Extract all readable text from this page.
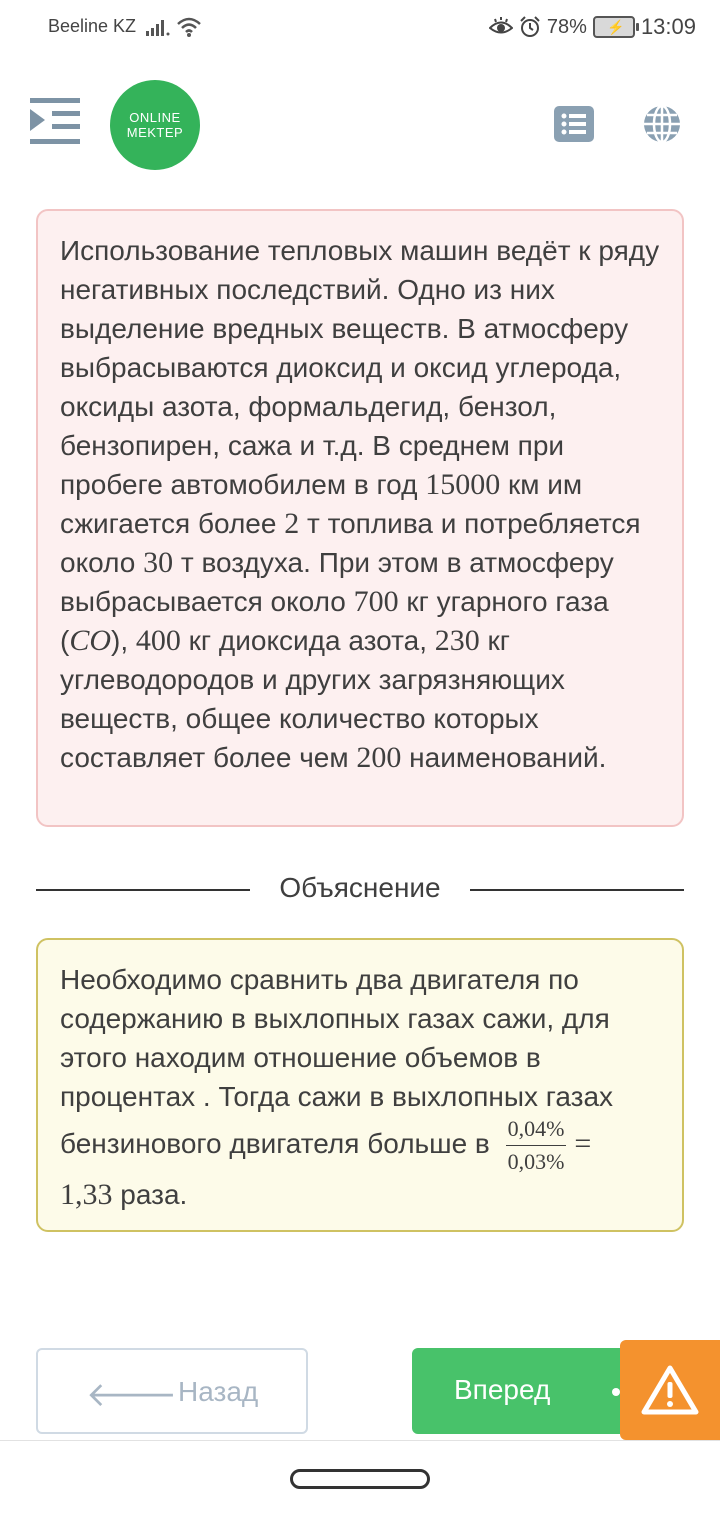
Beeline KZ	78% ⚡ 13:09
ONLINE
MEKTEP
Использование тепловых машин ведёт к ряду негативных последствий. Одно из них выделение вредных веществ. В атмосферу выбрасываются диоксид и оксид углерода, оксиды азота, формальдегид, бензол, бензопирен, сажа и т.д. В среднем при пробеге автомобилем в год 15000 км им сжигается более 2 т топлива и потребляется около 30 т воздуха. При этом в атмосферу выбрасывается около 700 кг угарного газа (CO), 400 кг диоксида азота, 230 кг углеводородов и других загрязняющих веществ, общее количество которых составляет более чем 200 наименований.
Объяснение
Необходимо сравнить два двигателя по содержанию в выхлопных газах сажи, для этого находим отношение объемов в процентах . Тогда сажи в выхлопных газах бензинового двигателя больше в $\frac{0,04\%}{0,03\%}$ =
1,33 раза.
🡐 Назад	Вперед
